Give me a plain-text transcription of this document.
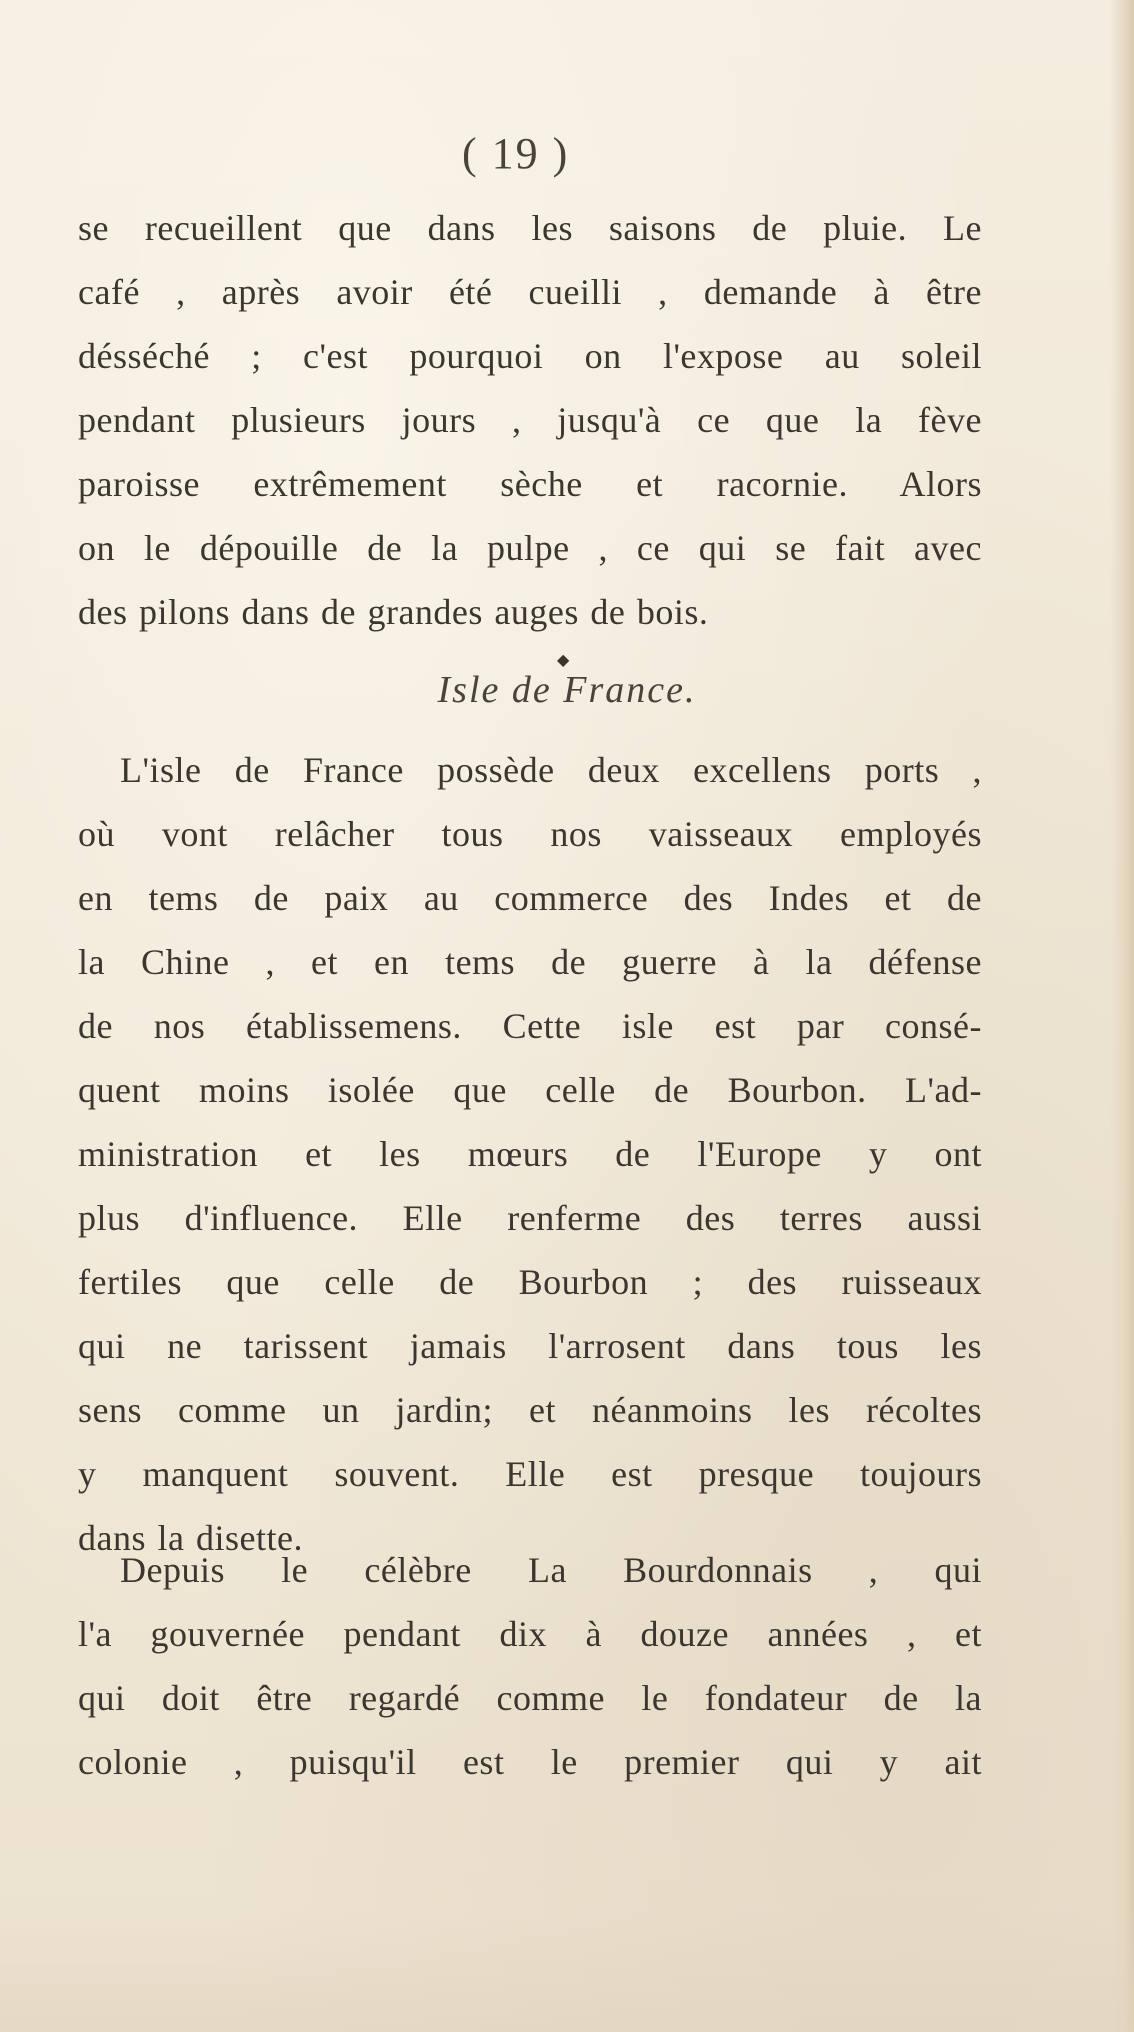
( 19 )
se recueillent que dans les saisons de pluie. Le
café , après avoir été cueilli , demande à être
désséché ; c'est pourquoi on l'expose au soleil
pendant plusieurs jours , jusqu'à ce que la fève
paroisse extrêmement sèche et racornie. Alors
on le dépouille de la pulpe , ce qui se fait avec
des pilons dans de grandes auges de bois.
◆
Isle de France.
L'isle de France possède deux excellens ports ,
où vont relâcher tous nos vaisseaux employés
en tems de paix au commerce des Indes et de
la Chine , et en tems de guerre à la défense
de nos établissemens. Cette isle est par consé-
quent moins isolée que celle de Bourbon. L'ad-
ministration et les mœurs de l'Europe y ont
plus d'influence. Elle renferme des terres aussi
fertiles que celle de Bourbon ; des ruisseaux
qui ne tarissent jamais l'arrosent dans tous les
sens comme un jardin; et néanmoins les récoltes
y manquent souvent. Elle est presque toujours
dans la disette.
Depuis le célèbre La Bourdonnais , qui
l'a gouvernée pendant dix à douze années , et
qui doit être regardé comme le fondateur de la
colonie , puisqu'il est le premier qui y ait
